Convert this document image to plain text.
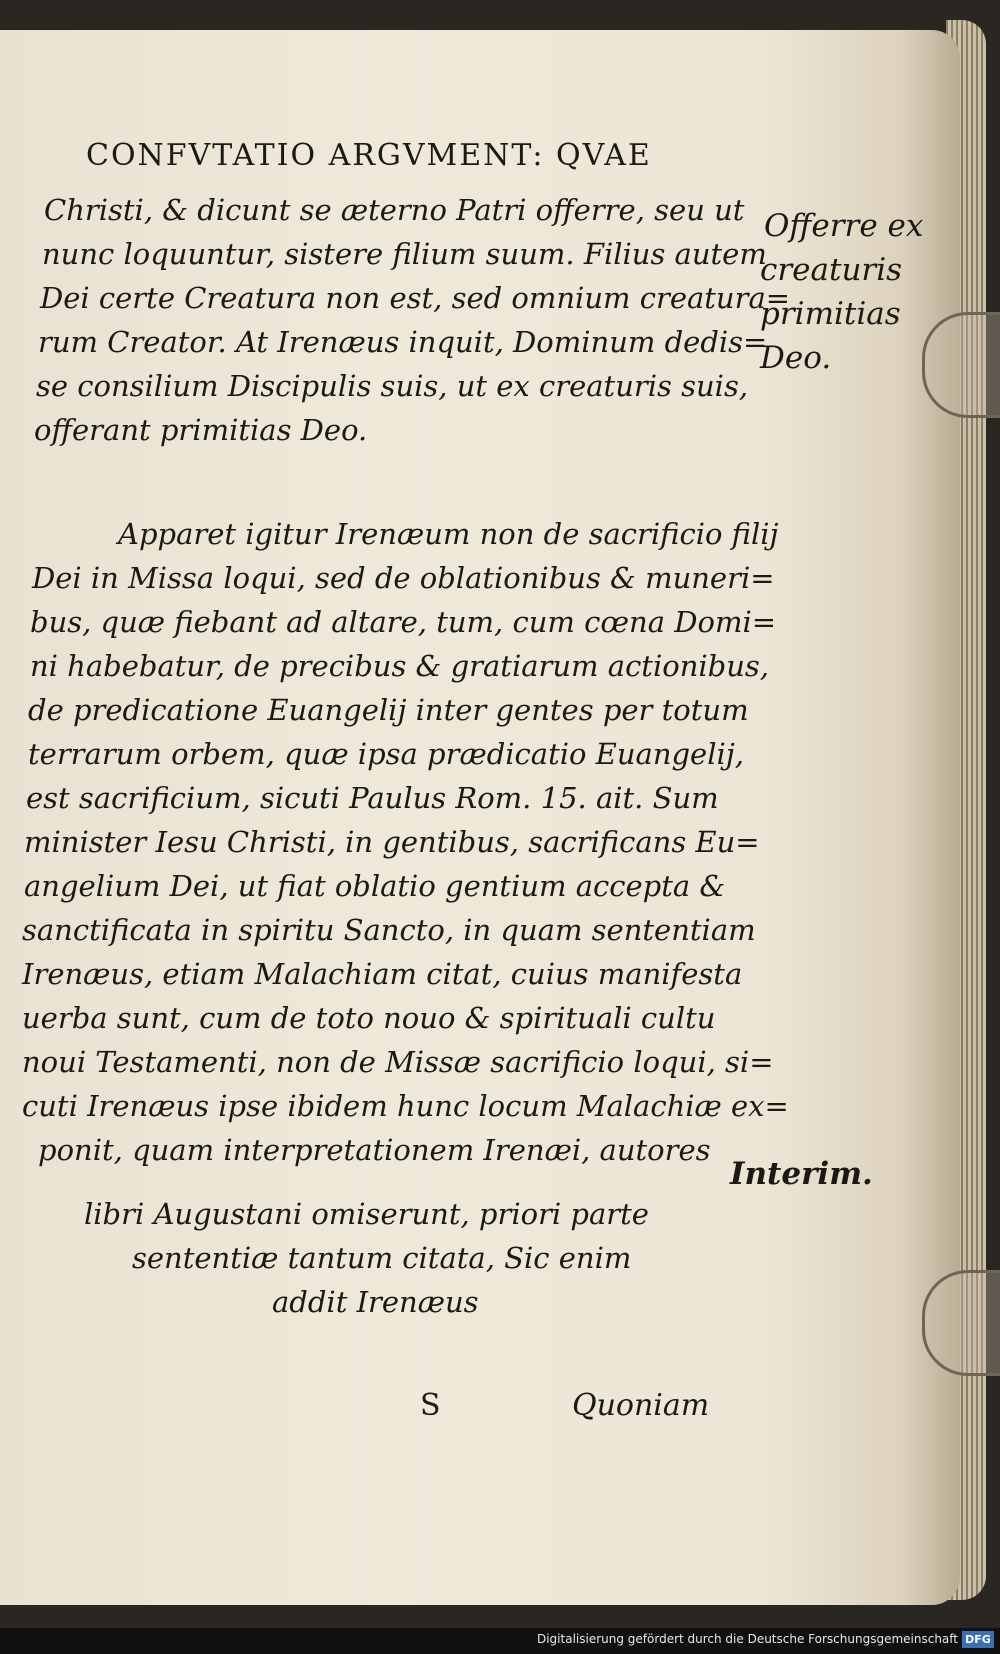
CONFVTATIO ARGVMENT: QVAE
Christi, & dicunt se æterno Patri offerre, seu ut
nunc loquuntur, sistere filium suum. Filius autem
Dei certe Creatura non est, sed omnium creatura=
rum Creator. At Irenæus inquit, Dominum dedis=
se consilium Discipulis suis, ut ex creaturis suis,
offerant primitias Deo.
Apparet igitur Irenæum non de sacrificio filij
Dei in Missa loqui, sed de oblationibus & muneri=
bus, quæ fiebant ad altare, tum, cum cœna Domi=
ni habebatur, de precibus & gratiarum actionibus,
de predicatione Euangelij inter gentes per totum
terrarum orbem, quæ ipsa prædicatio Euangelij,
est sacrificium, sicuti Paulus Rom. 15. ait. Sum
minister Iesu Christi, in gentibus, sacrificans Eu=
angelium Dei, ut fiat oblatio gentium accepta &
sanctificata in spiritu Sancto, in quam sententiam
Irenæus, etiam Malachiam citat, cuius manifesta
uerba sunt, cum de toto nouo & spirituali cultu
noui Testamenti, non de Missæ sacrificio loqui, si=
cuti Irenæus ipse ibidem hunc locum Malachiæ ex=
ponit, quam interpretationem Irenæi, autores
libri Augustani omiserunt, priori parte
sententiæ tantum citata, Sic enim
addit Irenæus
Offerre ex
creaturis
primitias
Deo.
Interim.
S	Quoniam
Digitalisierung gefördert durch die Deutsche Forschungsgemeinschaft DFG
